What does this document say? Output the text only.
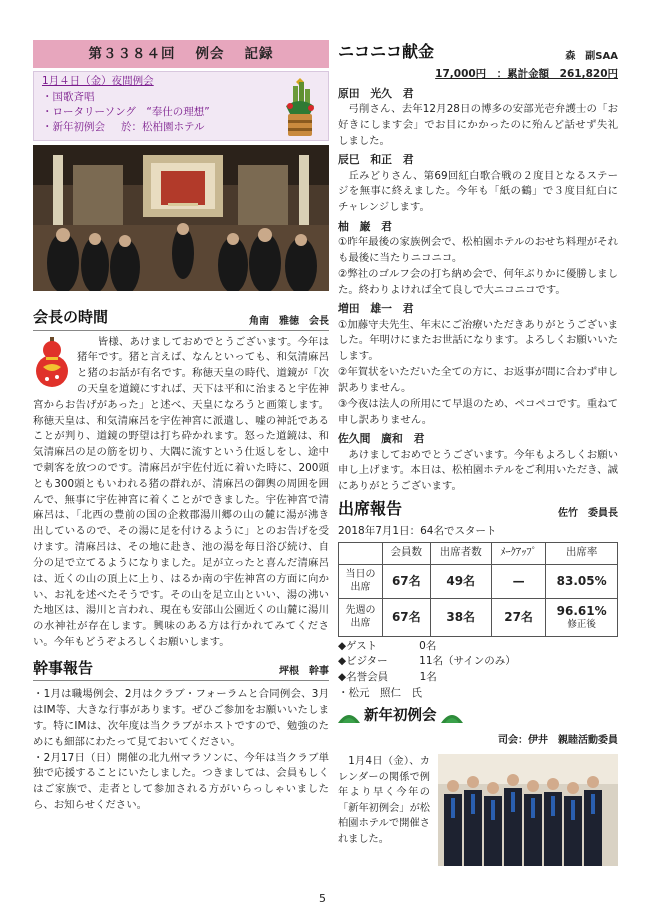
第３３８４回 例会 記録
1月４日（金）夜間例会
・国歌斉唱
・ロータリーソング　“奉仕の理想”
・新年初例会 於：松柏園ホテル
会長の時間	角南　雅徳　会長
皆様、あけましておめでとうございます。今年は猪年です。猪と言えば、なんといっても、和気清麻呂と猪のお話が有名です。称徳天皇の時代、道鏡が「次の天皇を道鏡にすれば、天下は平和に治まると宇佐神宮からお告げがあった」と述べ、天皇になろうと画策します。称徳天皇は、和気清麻呂を宇佐神宮に派遣し、嘘の神託であることが判り、道鏡の野望は打ち砕かれます。怒った道鏡は、和気清麻呂の足の筋を切り、大隅に流すという仕返しをし、途中で刺客を放つのです。清麻呂が宇佐付近に着いた時に、200頭とも300頭ともいわれる猪の群れが、清麻呂の御輿の周囲を囲んで、無事に宇佐神宮に着くことができました。宇佐神宮で清麻呂は、「北西の豊前の国の企救郡湯川郷の山の麓に湯が沸き出しているので、その湯に足を付けるように」とのお告げを受けます。清麻呂は、その地に赴き、池の湯を毎日浴び続け、自分の足で立てるようになりました。足が立ったと喜んだ清麻呂は、近くの山の頂上に上り、はるか南の宇佐神宮の方面に向かい、お礼を述べたそうです。その山を足立山といい、湯の沸いた地区は、湯川と言われ、現在も安部山公園近くの山麓に湯川の水神社が存在します。興味のある方は行かれてみてください。今年もどうぞよろしくお願いします。
幹事報告	坪根　幹事
・1月は職場例会、2月はクラブ・フォーラムと合同例会、3月はIM等、大きな行事があります。ぜひご参加をお願いいたします。特にIMは、次年度は当クラブがホストですので、勉強のためにも細部にわたって見ておいてください。
・2月17日（日）開催の北九州マラソンに、今年は当クラブ単独で応援することにいたしました。つきましては、会員もしくはご家族で、走者として参加される方がいらっしゃいましたら、お知らせください。
ニコニコ献金	森　副SAA
17,000円　：累計金額　261,820円
原田　光久　君
弓削さん、去年12月28日の博多の安部光壱弁護士の「お好きにします会」でお目にかかったのに殆んど話せず失礼しました。
辰巳　和正　君
丘みどりさん、第69回紅白歌合戦の２度目となるステージを無事に終えました。今年も「紙の鶴」で３度目紅白にチャレンジします。
柚　巌　君
①昨年最後の家族例会で、松柏園ホテルのおせち料理がそれも最後に当たりニコニコ。
②弊社のゴルフ会の打ち納め会で、何年ぶりかに優勝しました。終わりよければ全て良しで大ニコニコです。
増田　雄一　君
①加藤守夫先生、年末にご治療いただきありがとうございました。年明けにまたお世話になります。よろしくお願いいたします。
②年賀状をいただいた全ての方に、お返事が間に合わず申し訳ありません。
③今夜は法人の所用にて早退のため、ペコペコです。重ねて申し訳ありません。
佐久間　廣和　君
あけましておめでとうございます。今年もよろしくお願い申し上げます。本日は、松柏園ホテルをご利用いただき、誠にありがとうございます。
出席報告	佐竹　委員長
2018年7月1日：64名でスタート
	会員数	出席者数	ﾒｰｸｱｯﾌﾟ	出席率
当日の出席	67名	49名	—	83.05%
先週の出席	67名	38名	27名	96.61%
修正後
◆ゲスト　　　　0名
◆ビジター　　　11名（サインのみ）
◆名誉会員　　　1名
・松元　照仁　氏
新年初例会
司会：伊井　親睦活動委員
1月4日（金）、カレンダーの関係で例年より早く今年の「新年初例会」が松柏園ホテルで開催されました。
5
